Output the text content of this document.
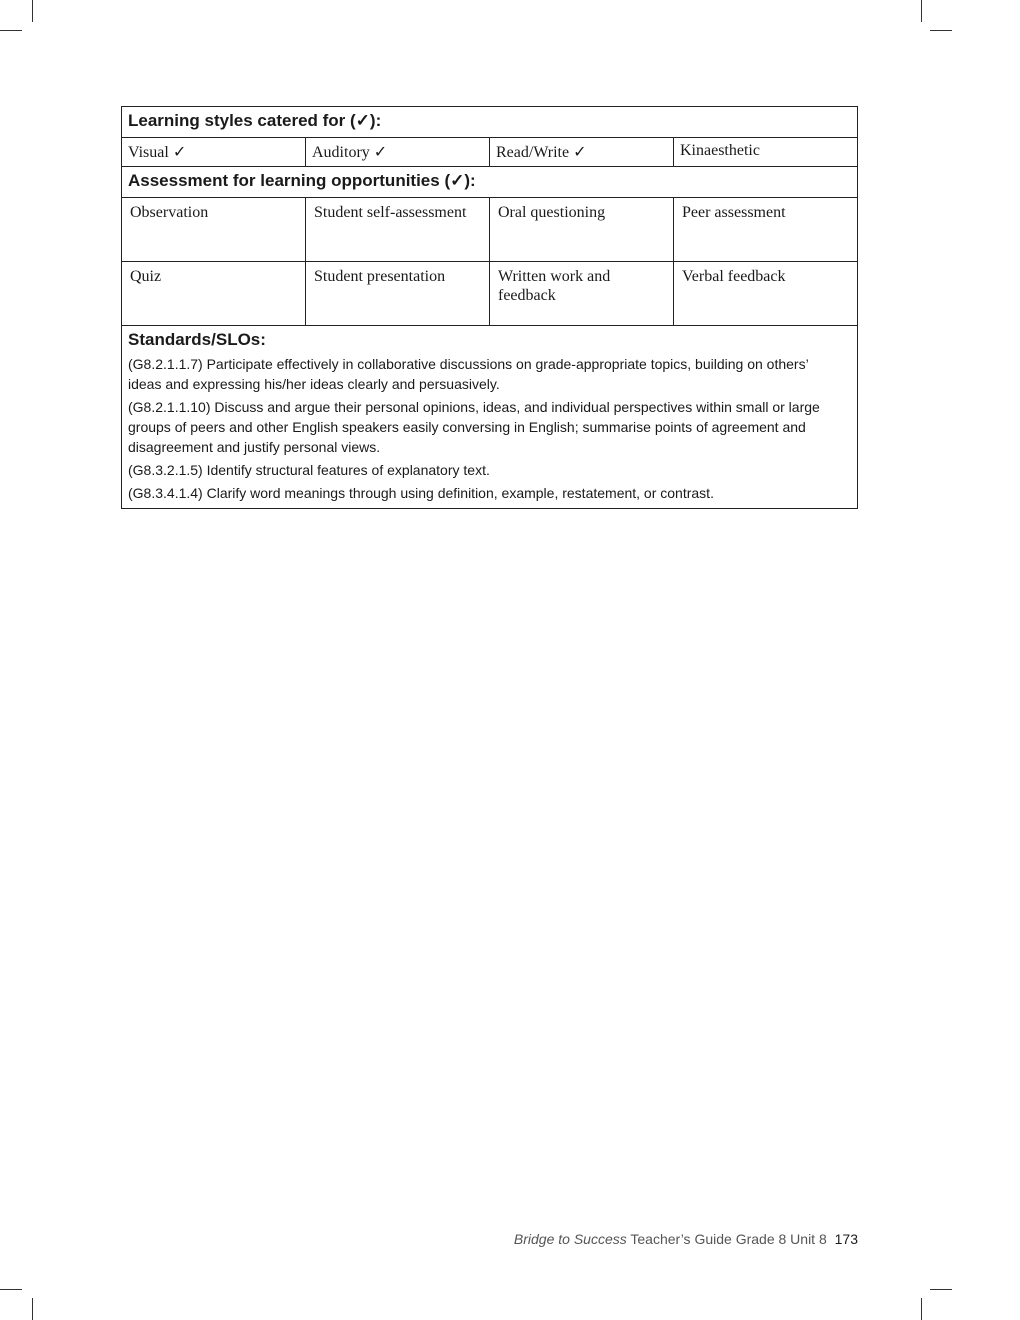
Learning styles catered for (✓):			
Visual ✓	Auditory ✓	Read/Write ✓	Kinaesthetic
Assessment for learning opportunities (✓):			
Observation	Student self-assessment	Oral questioning	Peer assessment
Quiz	Student presentation	Written work and feedback	Verbal feedback

Standards/SLOs:
(G8.2.1.1.7) Participate effectively in collaborative discussions on grade-appropriate topics, building on others’ ideas and expressing his/her ideas clearly and persuasively.
(G8.2.1.1.10) Discuss and argue their personal opinions, ideas, and individual perspectives within small or large groups of peers and other English speakers easily conversing in English; summarise points of agreement and disagreement and justify personal views.
(G8.3.2.1.5) Identify structural features of explanatory text.
(G8.3.4.1.4) Clarify word meanings through using definition, example, restatement, or contrast.			
Bridge to Success Teacher’s Guide Grade 8 Unit 8 173
